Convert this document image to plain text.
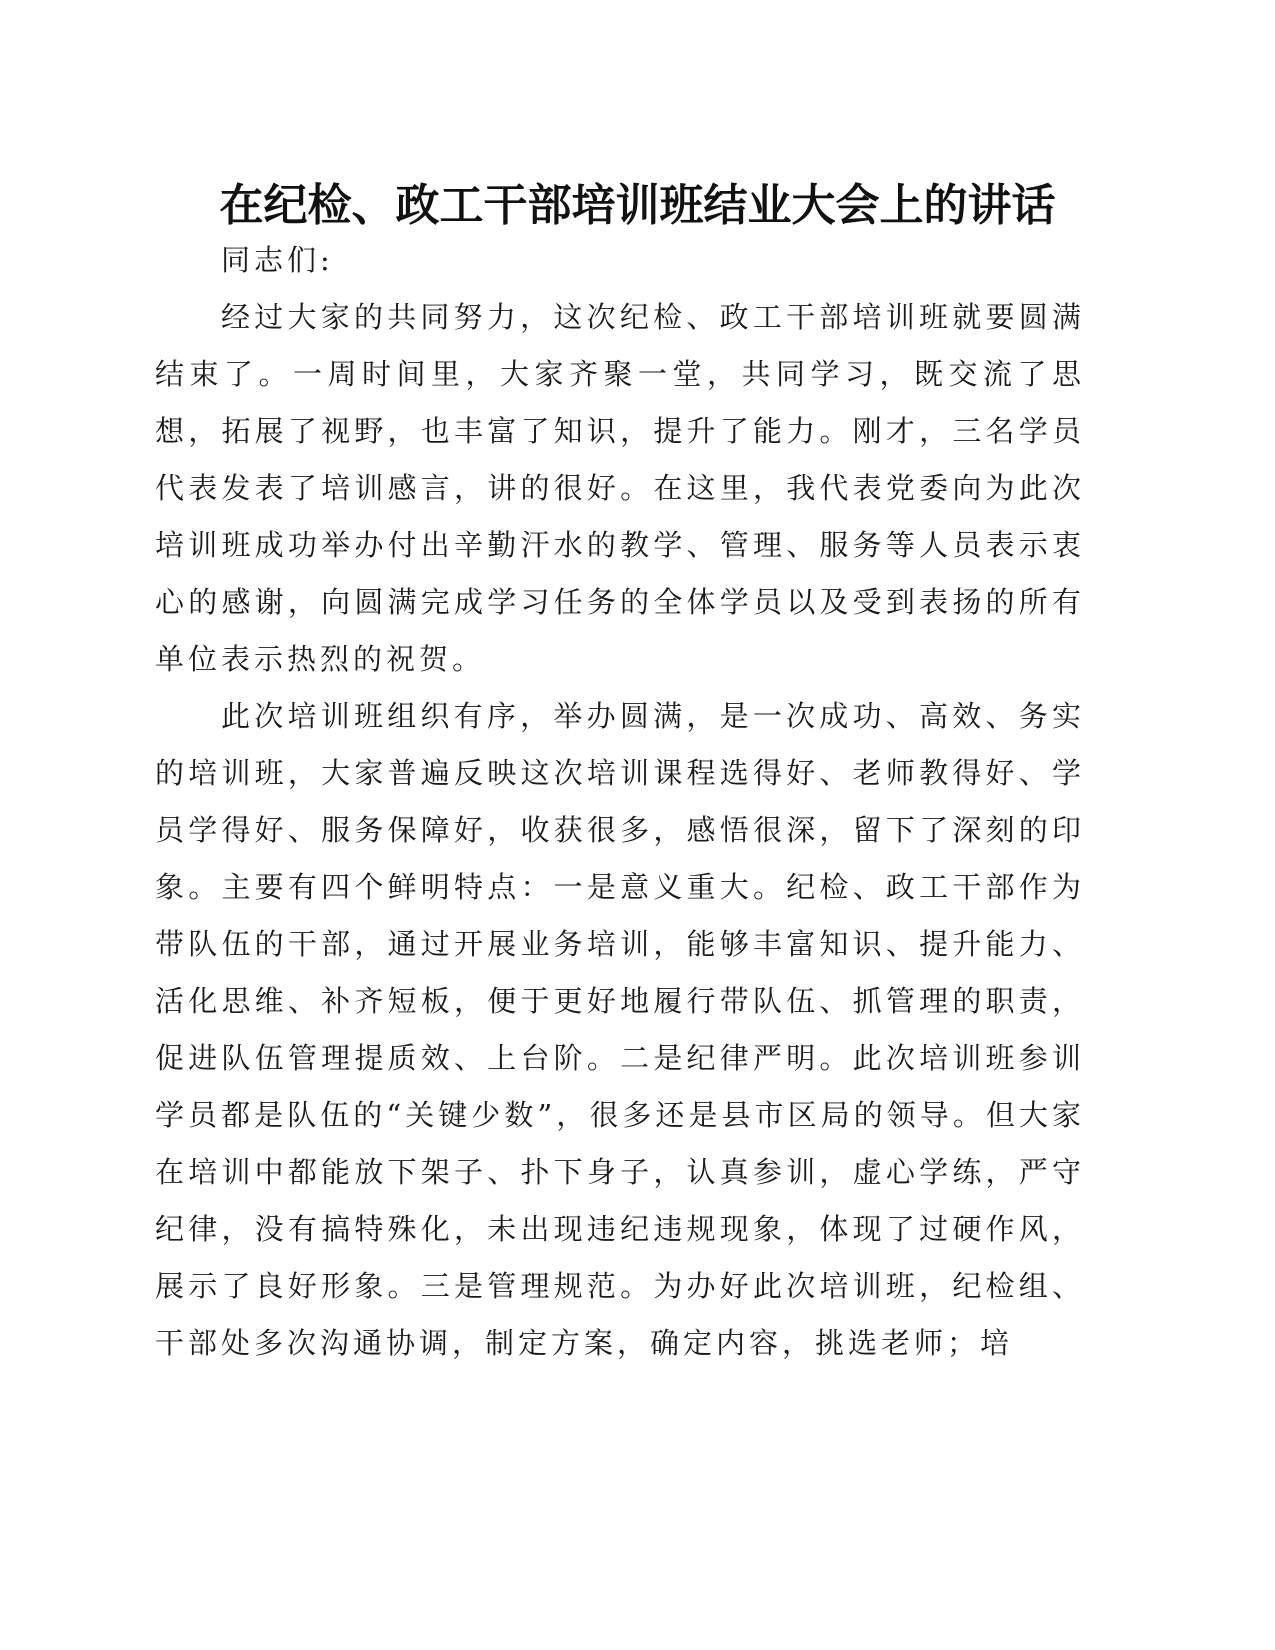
在纪检、政工干部培训班结业大会上的讲话

同志们:

经过大家的共同努力，这次纪检、政工干部培训班就要圆满结束了。一周时间里，大家齐聚一堂，共同学习，既交流了思想，拓展了视野，也丰富了知识，提升了能力。刚才，三名学员代表发表了培训感言，讲的很好。在这里，我代表党委向为此次培训班成功举办付出辛勤汗水的教学、管理、服务等人员表示衷心的感谢，向圆满完成学习任务的全体学员以及受到表扬的所有单位表示热烈的祝贺。

此次培训班组织有序，举办圆满，是一次成功、高效、务实的培训班，大家普遍反映这次培训课程选得好、老师教得好、学员学得好、服务保障好，收获很多，感悟很深，留下了深刻的印象。主要有四个鲜明特点：一是意义重大。纪检、政工干部作为带队伍的干部，通过开展业务培训，能够丰富知识、提升能力、活化思维、补齐短板，便于更好地履行带队伍、抓管理的职责，促进队伍管理提质效、上台阶。二是纪律严明。此次培训班参训学员都是队伍的“关键少数”，很多还是县市区局的领导。但大家在培训中都能放下架子、扑下身子，认真参训，虚心学练，严守纪律，没有搞特殊化，未出现违纪违规现象，体现了过硬作风，展示了良好形象。三是管理规范。为办好此次培训班，纪检组、干部处多次沟通协调，制定方案，确定内容，挑选老师；培
